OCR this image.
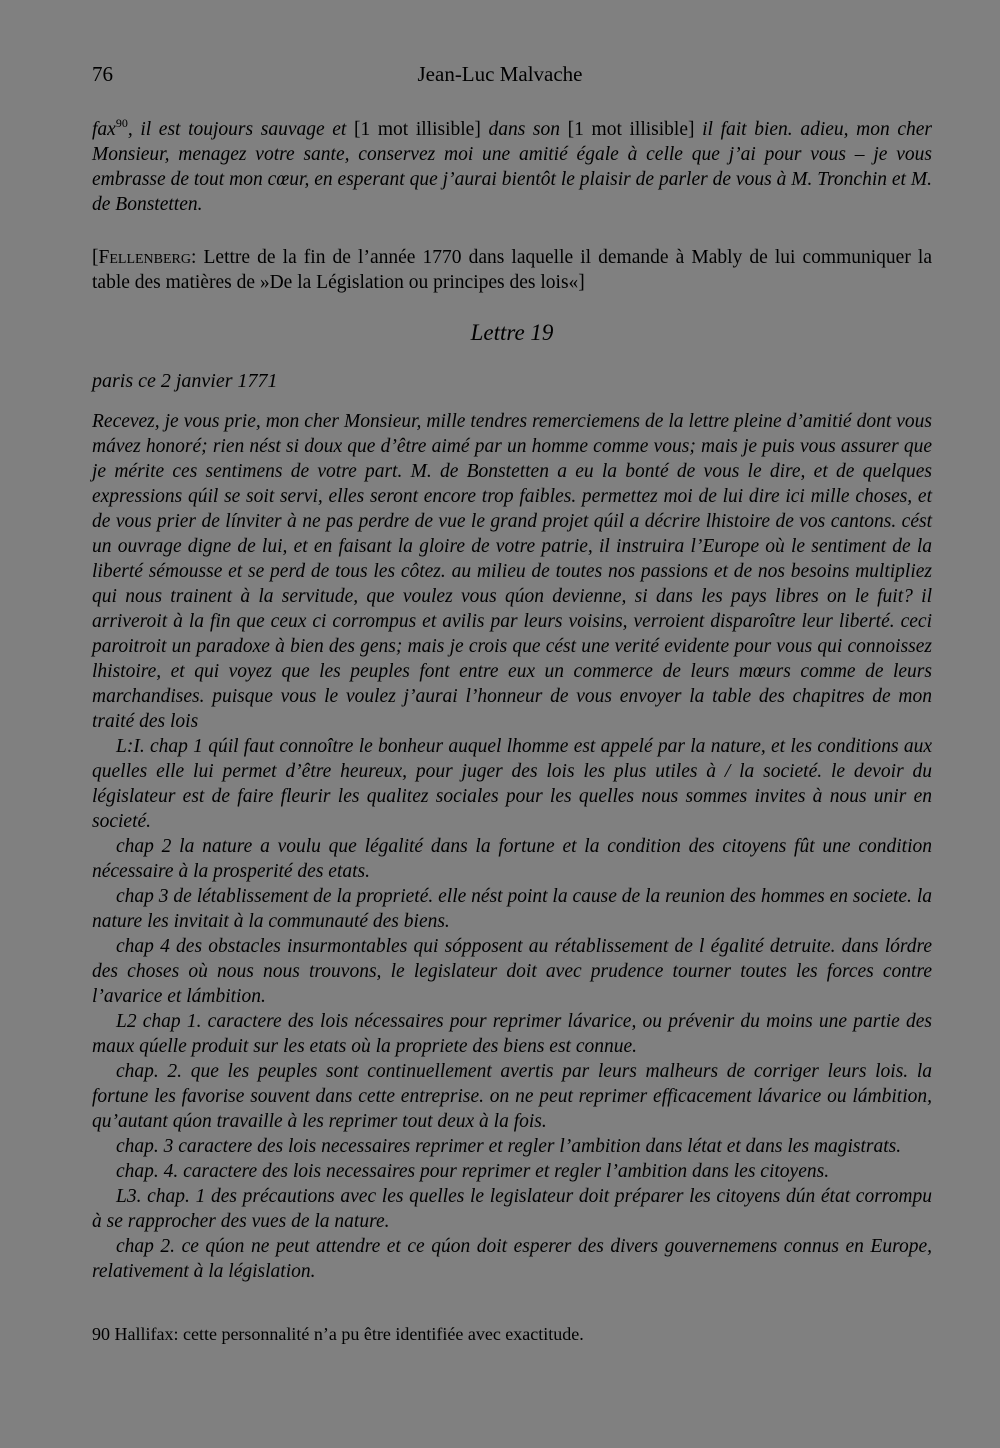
76	Jean-Luc Malvache
fax$^{90}$, il est toujours sauvage et [1 mot illisible] dans son [1 mot illisible] il fait bien. adieu, mon cher Monsieur, menagez votre sante, conservez moi une amitié égale à celle que j’ai pour vous – je vous embrasse de tout mon cœur, en esperant que j’aurai bientôt le plaisir de parler de vous à M. Tronchin et M. de Bonstetten.
[Fellenberg: Lettre de la fin de l’année 1770 dans laquelle il demande à Mably de lui communiquer la table des matières de »De la Législation ou principes des lois«]
Lettre 19
paris ce 2 janvier 1771
Recevez, je vous prie, mon cher Monsieur, mille tendres remerciemens de la lettre pleine d’amitié dont vous mávez honoré; rien nést si doux que d’être aimé par un homme comme vous; mais je puis vous assurer que je mérite ces sentimens de votre part. M. de Bonstetten a eu la bonté de vous le dire, et de quelques expressions qúil se soit servi, elles seront encore trop faibles. permettez moi de lui dire ici mille choses, et de vous prier de línviter à ne pas perdre de vue le grand projet qúil a décrire lhistoire de vos cantons. cést un ouvrage digne de lui, et en faisant la gloire de votre patrie, il instruira l’Europe où le sentiment de la liberté sémousse et se perd de tous les côtez. au milieu de toutes nos passions et de nos besoins multipliez qui nous trainent à la servitude, que voulez vous qúon devienne, si dans les pays libres on le fuit? il arriveroit à la fin que ceux ci corrompus et avilis par leurs voisins, verroient disparoître leur liberté. ceci paroitroit un paradoxe à bien des gens; mais je crois que cést une verité evidente pour vous qui connoissez lhistoire, et qui voyez que les peuples font entre eux un commerce de leurs mœurs comme de leurs marchandises. puisque vous le voulez j’aurai l’honneur de vous envoyer la table des chapitres de mon traité des lois

L:I. chap 1 qúil faut connoître le bonheur auquel lhomme est appelé par la nature, et les conditions aux quelles elle lui permet d’être heureux, pour juger des lois les plus utiles à / la societé. le devoir du législateur est de faire fleurir les qualitez sociales pour les quelles nous sommes invites à nous unir en societé.

chap 2 la nature a voulu que légalité dans la fortune et la condition des citoyens fût une condition nécessaire à la prosperité des etats.

chap 3 de létablissement de la proprieté. elle nést point la cause de la reunion des hommes en societe. la nature les invitait à la communauté des biens.

chap 4 des obstacles insurmontables qui sópposent au rétablissement de l égalité detruite. dans lórdre des choses où nous nous trouvons, le legislateur doit avec prudence tourner toutes les forces contre l’avarice et lámbition.

L2 chap 1. caractere des lois nécessaires pour reprimer lávarice, ou prévenir du moins une partie des maux qúelle produit sur les etats où la propriete des biens est connue.

chap. 2. que les peuples sont continuellement avertis par leurs malheurs de corriger leurs lois. la fortune les favorise souvent dans cette entreprise. on ne peut reprimer efficacement lávarice ou lámbition, qu’autant qúon travaille à les reprimer tout deux à la fois.

chap. 3 caractere des lois necessaires reprimer et regler l’ambition dans létat et dans les magistrats.

chap. 4. caractere des lois necessaires pour reprimer et regler l’ambition dans les citoyens.

L3. chap. 1 des précautions avec les quelles le legislateur doit préparer les citoyens dún état corrompu à se rapprocher des vues de la nature.

chap 2. ce qúon ne peut attendre et ce qúon doit esperer des divers gouvernemens connus en Europe, relativement à la législation.

90 Hallifax: cette personnalité n’a pu être identifiée avec exactitude.
